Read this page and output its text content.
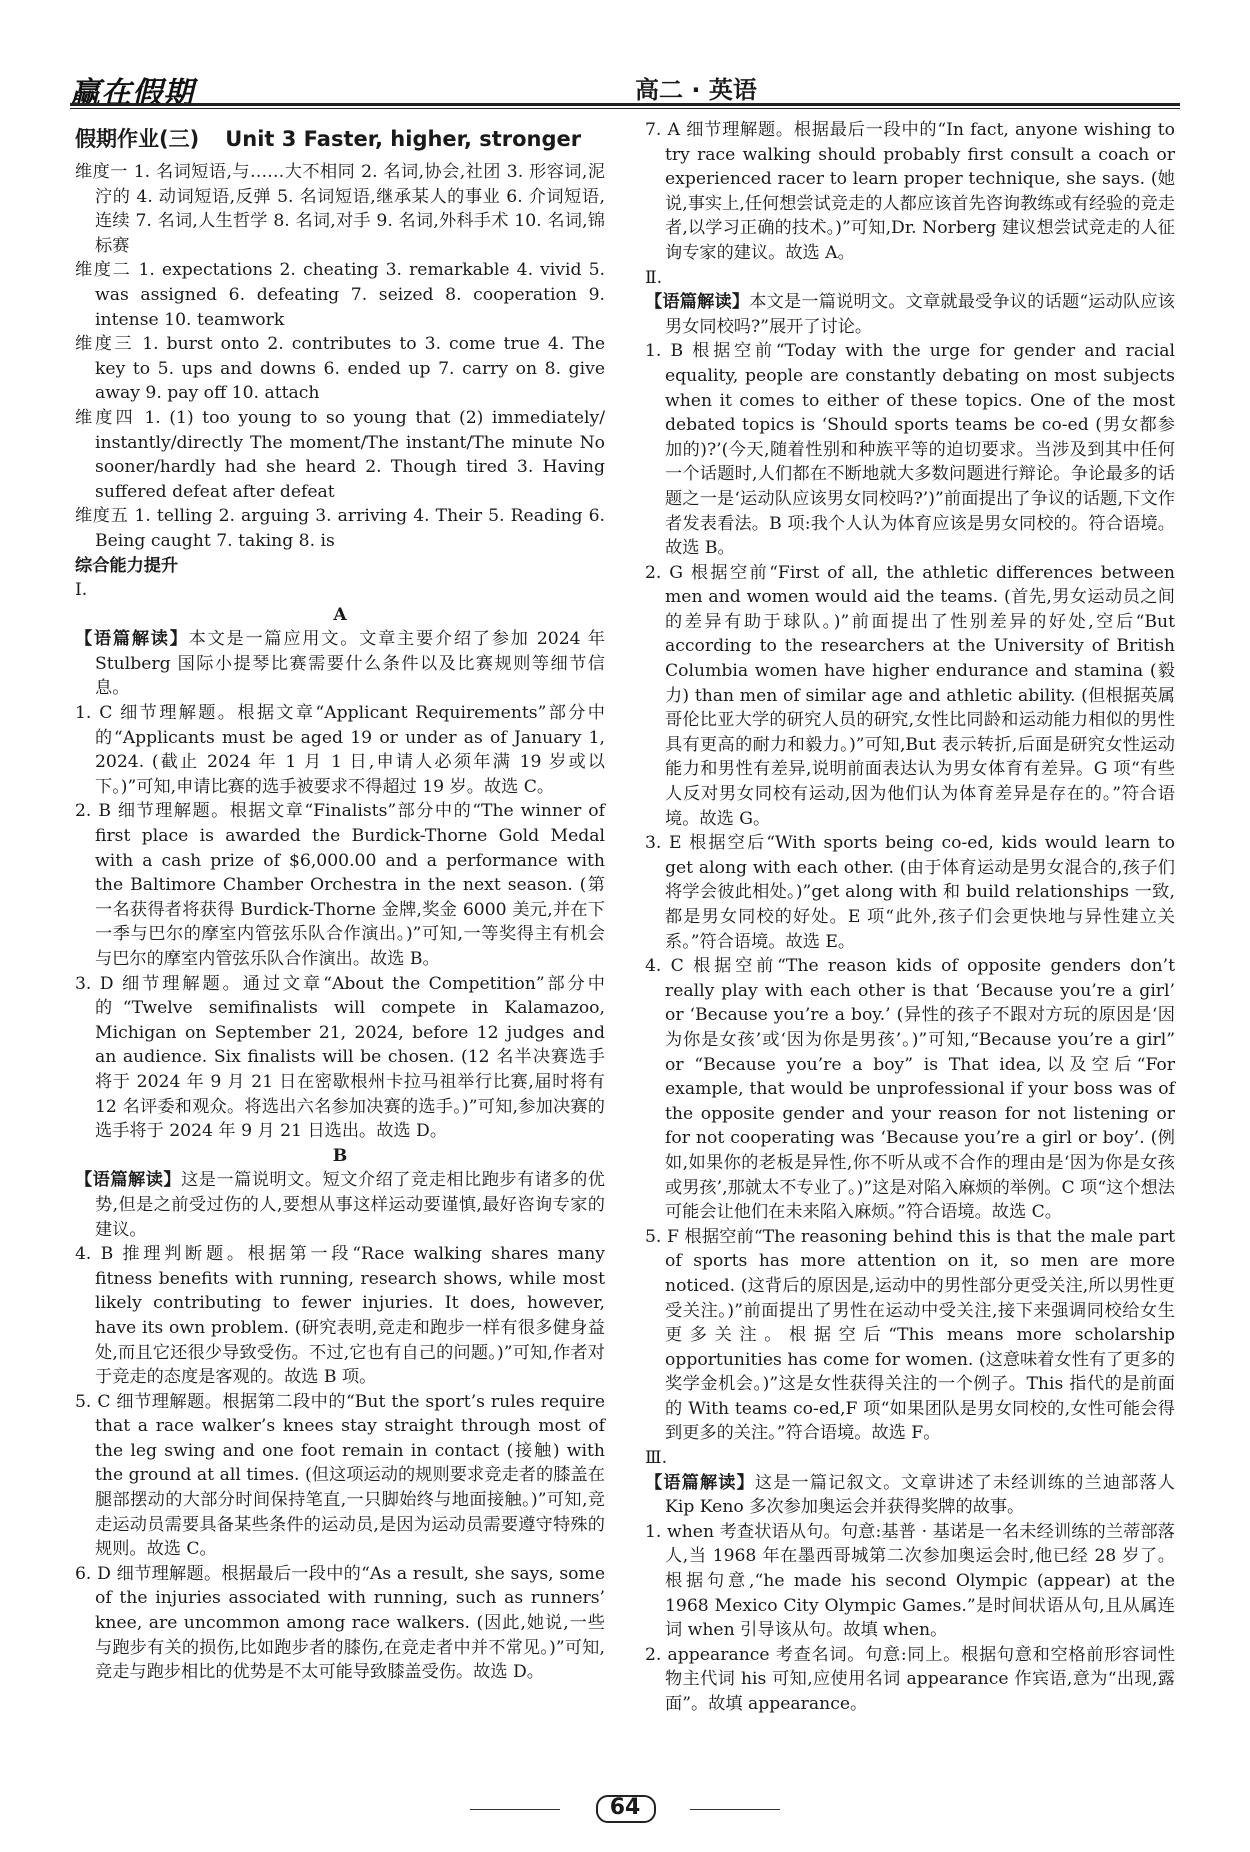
赢在假期	高二 · 英语

假期作业(三) Unit 3 Faster, higher, stronger

维度一 1. 名词短语,与……大不相同 2. 名词,协会,社团 3. 形容词,泥泞的 4. 动词短语,反弹 5. 名词短语,继承某人的事业 6. 介词短语,连续 7. 名词,人生哲学 8. 名词,对手 9. 名词,外科手术 10. 名词,锦标赛

维度二 1. expectations 2. cheating 3. remarkable 4. vivid 5. was assigned 6. defeating 7. seized 8. cooperation 9. intense 10. teamwork

维度三 1. burst onto 2. contributes to 3. come true 4. The key to 5. ups and downs 6. ended up 7. carry on 8. give away 9. pay off 10. attach

维度四 1. (1) too young to so young that (2) immediately/ instantly/directly The moment/The instant/The minute No sooner/hardly had she heard 2. Though tired 3. Having suffered defeat after defeat

维度五 1. telling 2. arguing 3. arriving 4. Their 5. Reading 6. Being caught 7. taking 8. is

综合能力提升

Ⅰ.

A

【语篇解读】本文是一篇应用文。文章主要介绍了参加 2024 年 Stulberg 国际小提琴比赛需要什么条件以及比赛规则等细节信息。

1. C 细节理解题。根据文章“Applicant Requirements”部分中的“Applicants must be aged 19 or under as of January 1, 2024. (截止 2024 年 1 月 1 日,申请人必须年满 19 岁或以下。)”可知,申请比赛的选手被要求不得超过 19 岁。故选 C。

2. B 细节理解题。根据文章“Finalists”部分中的“The winner of first place is awarded the Burdick-Thorne Gold Medal with a cash prize of $6,000.00 and a performance with the Baltimore Chamber Orchestra in the next season. (第一名获得者将获得 Burdick-Thorne 金牌,奖金 6000 美元,并在下一季与巴尔的摩室内管弦乐队合作演出。)”可知,一等奖得主有机会与巴尔的摩室内管弦乐队合作演出。故选 B。

3. D 细节理解题。通过文章“About the Competition”部分中的“Twelve semifinalists will compete in Kalamazoo, Michigan on September 21, 2024, before 12 judges and an audience. Six finalists will be chosen. (12 名半决赛选手将于 2024 年 9 月 21 日在密歇根州卡拉马祖举行比赛,届时将有 12 名评委和观众。将选出六名参加决赛的选手。)”可知,参加决赛的选手将于 2024 年 9 月 21 日选出。故选 D。

B

【语篇解读】这是一篇说明文。短文介绍了竞走相比跑步有诸多的优势,但是之前受过伤的人,要想从事这样运动要谨慎,最好咨询专家的建议。

4. B 推理判断题。根据第一段“Race walking shares many fitness benefits with running, research shows, while most likely contributing to fewer injuries. It does, however, have its own problem. (研究表明,竞走和跑步一样有很多健身益处,而且它还很少导致受伤。不过,它也有自己的问题。)”可知,作者对于竞走的态度是客观的。故选 B 项。

5. C 细节理解题。根据第二段中的“But the sport’s rules require that a race walker’s knees stay straight through most of the leg swing and one foot remain in contact (接触) with the ground at all times. (但这项运动的规则要求竞走者的膝盖在腿部摆动的大部分时间保持笔直,一只脚始终与地面接触。)”可知,竞走运动员需要具备某些条件的运动员,是因为运动员需要遵守特殊的规则。故选 C。

6. D 细节理解题。根据最后一段中的“As a result, she says, some of the injuries associated with running, such as runners’ knee, are uncommon among race walkers. (因此,她说,一些与跑步有关的损伤,比如跑步者的膝伤,在竞走者中并不常见。)”可知,竞走与跑步相比的优势是不太可能导致膝盖受伤。故选 D。

7. A 细节理解题。根据最后一段中的“In fact, anyone wishing to try race walking should probably first consult a coach or experienced racer to learn proper technique, she says. (她说,事实上,任何想尝试竞走的人都应该首先咨询教练或有经验的竞走者,以学习正确的技术。)”可知,Dr. Norberg 建议想尝试竞走的人征询专家的建议。故选 A。

Ⅱ.

【语篇解读】本文是一篇说明文。文章就最受争议的话题“运动队应该男女同校吗?”展开了讨论。

1. B 根据空前“Today with the urge for gender and racial equality, people are constantly debating on most subjects when it comes to either of these topics. One of the most debated topics is ‘Should sports teams be co-ed (男女都参加的)?’(今天,随着性别和种族平等的迫切要求。当涉及到其中任何一个话题时,人们都在不断地就大多数问题进行辩论。争论最多的话题之一是‘运动队应该男女同校吗?’)”前面提出了争议的话题,下文作者发表看法。B 项:我个人认为体育应该是男女同校的。符合语境。故选 B。

2. G 根据空前“First of all, the athletic differences between men and women would aid the teams. (首先,男女运动员之间的差异有助于球队。)”前面提出了性别差异的好处,空后“But according to the researchers at the University of British Columbia women have higher endurance and stamina (毅力) than men of similar age and athletic ability. (但根据英属哥伦比亚大学的研究人员的研究,女性比同龄和运动能力相似的男性具有更高的耐力和毅力。)”可知,But 表示转折,后面是研究女性运动能力和男性有差异,说明前面表达认为男女体育有差异。G 项“有些人反对男女同校有运动,因为他们认为体育差异是存在的。”符合语境。故选 G。

3. E 根据空后“With sports being co-ed, kids would learn to get along with each other. (由于体育运动是男女混合的,孩子们将学会彼此相处。)”get along with 和 build relationships 一致,都是男女同校的好处。E 项“此外,孩子们会更快地与异性建立关系。”符合语境。故选 E。

4. C 根据空前“The reason kids of opposite genders don’t really play with each other is that ‘Because you’re a girl’ or ‘Because you’re a boy.’ (异性的孩子不跟对方玩的原因是‘因为你是女孩’或‘因为你是男孩’。)”可知,“Because you’re a girl” or “Because you’re a boy” is That idea,以及空后“For example, that would be unprofessional if your boss was of the opposite gender and your reason for not listening or for not cooperating was ‘Because you’re a girl or boy’. (例如,如果你的老板是异性,你不听从或不合作的理由是‘因为你是女孩或男孩’,那就太不专业了。)”这是对陷入麻烦的举例。C 项“这个想法可能会让他们在未来陷入麻烦。”符合语境。故选 C。

5. F 根据空前“The reasoning behind this is that the male part of sports has more attention on it, so men are more noticed. (这背后的原因是,运动中的男性部分更受关注,所以男性更受关注。)”前面提出了男性在运动中受关注,接下来强调同校给女生更多关注。根据空后“This means more scholarship opportunities has come for women. (这意味着女性有了更多的奖学金机会。)”这是女性获得关注的一个例子。This 指代的是前面的 With teams co-ed,F 项“如果团队是男女同校的,女性可能会得到更多的关注。”符合语境。故选 F。

Ⅲ.

【语篇解读】这是一篇记叙文。文章讲述了未经训练的兰迪部落人 Kip Keno 多次参加奥运会并获得奖牌的故事。

1. when 考查状语从句。句意:基普 · 基诺是一名未经训练的兰蒂部落人,当 1968 年在墨西哥城第二次参加奥运会时,他已经 28 岁了。根据句意,“he made his second Olympic (appear) at the 1968 Mexico City Olympic Games.”是时间状语从句,且从属连词 when 引导该从句。故填 when。

2. appearance 考查名词。句意:同上。根据句意和空格前形容词性物主代词 his 可知,应使用名词 appearance 作宾语,意为“出现,露面”。故填 appearance。

64
